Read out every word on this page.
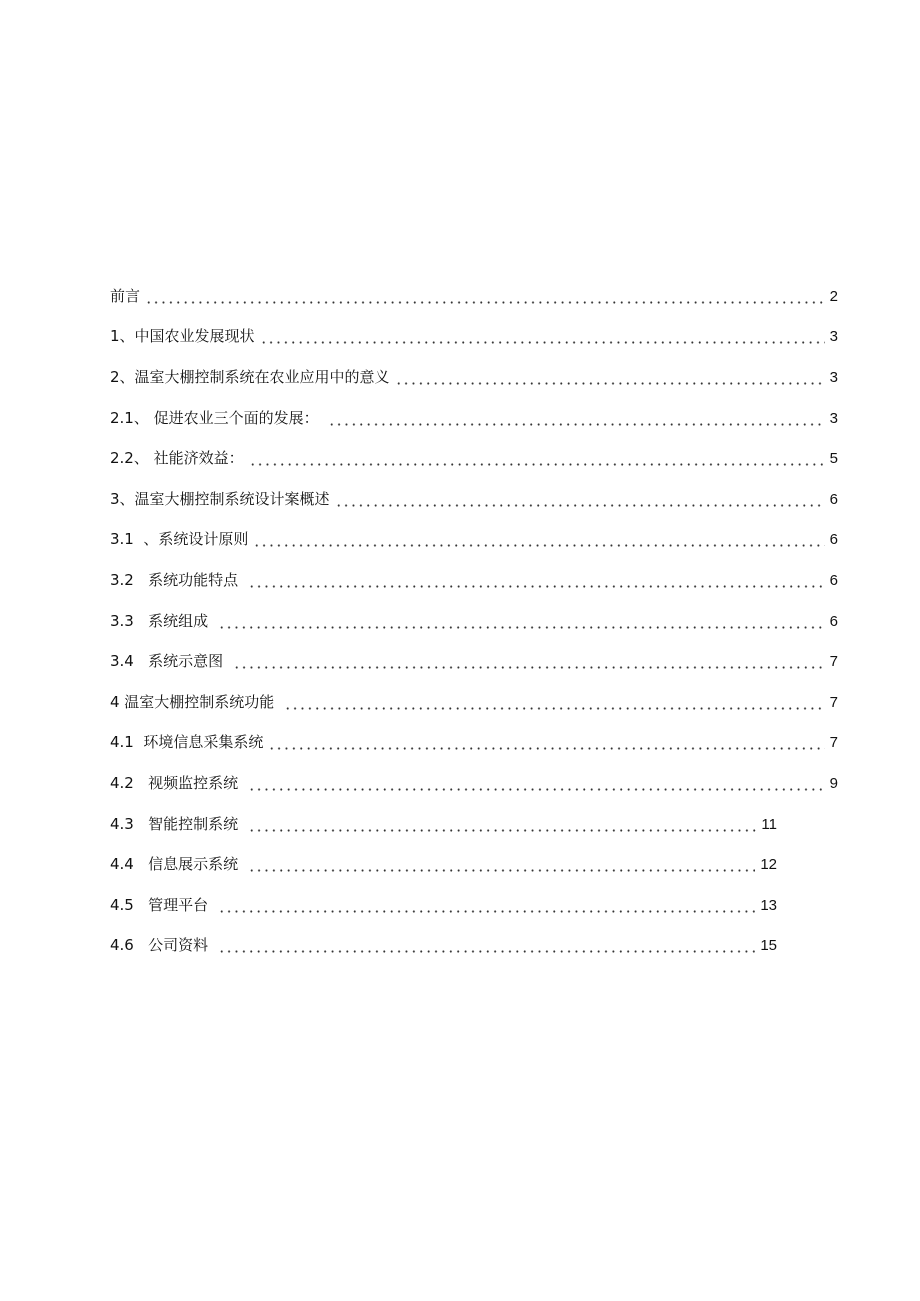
前言	2
1、中国农业发展现状	3
2、温室大棚控制系统在农业应用中的意义	3
2.1、 促进农业三个面的发展：	3
2.2、 社能济效益：	5
3、温室大棚控制系统设计案概述	6
3.1  、系统设计原则	6
3.2   系统功能特点	6
3.3   系统组成	6
3.4   系统示意图	7
4 温室大棚控制系统功能	7
4.1  环境信息采集系统	7
4.2   视频监控系统	9
4.3   智能控制系统	11
4.4   信息展示系统	12
4.5   管理平台	13
4.6   公司资料	15
